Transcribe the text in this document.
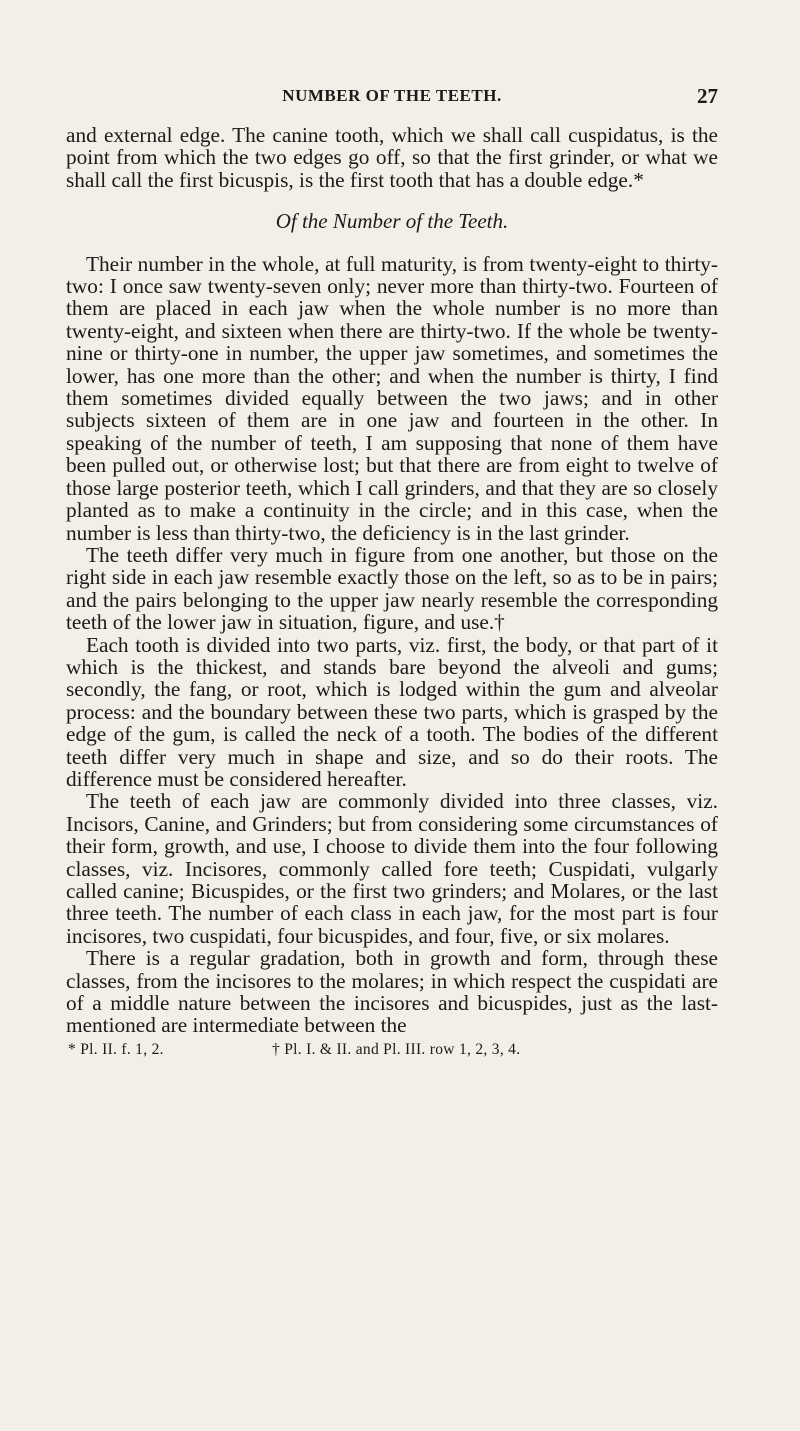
NUMBER OF THE TEETH.	27

and external edge. The canine tooth, which we shall call cuspidatus, is the point from which the two edges go off, so that the first grinder, or what we shall call the first bicuspis, is the first tooth that has a double edge.*

Of the Number of the Teeth.

Their number in the whole, at full maturity, is from twenty-eight to thirty-two: I once saw twenty-seven only; never more than thirty-two. Fourteen of them are placed in each jaw when the whole number is no more than twenty-eight, and sixteen when there are thirty-two. If the whole be twenty-nine or thirty-one in number, the upper jaw sometimes, and sometimes the lower, has one more than the other; and when the number is thirty, I find them sometimes divided equally between the two jaws; and in other subjects sixteen of them are in one jaw and fourteen in the other. In speaking of the number of teeth, I am supposing that none of them have been pulled out, or otherwise lost; but that there are from eight to twelve of those large posterior teeth, which I call grinders, and that they are so closely planted as to make a continuity in the circle; and in this case, when the number is less than thirty-two, the deficiency is in the last grinder.

The teeth differ very much in figure from one another, but those on the right side in each jaw resemble exactly those on the left, so as to be in pairs; and the pairs belonging to the upper jaw nearly resemble the corresponding teeth of the lower jaw in situation, figure, and use.†

Each tooth is divided into two parts, viz. first, the body, or that part of it which is the thickest, and stands bare beyond the alveoli and gums; secondly, the fang, or root, which is lodged within the gum and alveolar process: and the boundary between these two parts, which is grasped by the edge of the gum, is called the neck of a tooth. The bodies of the different teeth differ very much in shape and size, and so do their roots. The difference must be considered hereafter.

The teeth of each jaw are commonly divided into three classes, viz. Incisors, Canine, and Grinders; but from considering some circumstances of their form, growth, and use, I choose to divide them into the four following classes, viz. Incisores, commonly called fore teeth; Cuspidati, vulgarly called canine; Bicuspides, or the first two grinders; and Molares, or the last three teeth. The number of each class in each jaw, for the most part is four incisores, two cuspidati, four bicuspides, and four, five, or six molares.

There is a regular gradation, both in growth and form, through these classes, from the incisores to the molares; in which respect the cuspidati are of a middle nature between the incisores and bicuspides, just as the last-mentioned are intermediate between the

* Pl. II. f. 1, 2.	† Pl. I. & II. and Pl. III. row 1, 2, 3, 4.
